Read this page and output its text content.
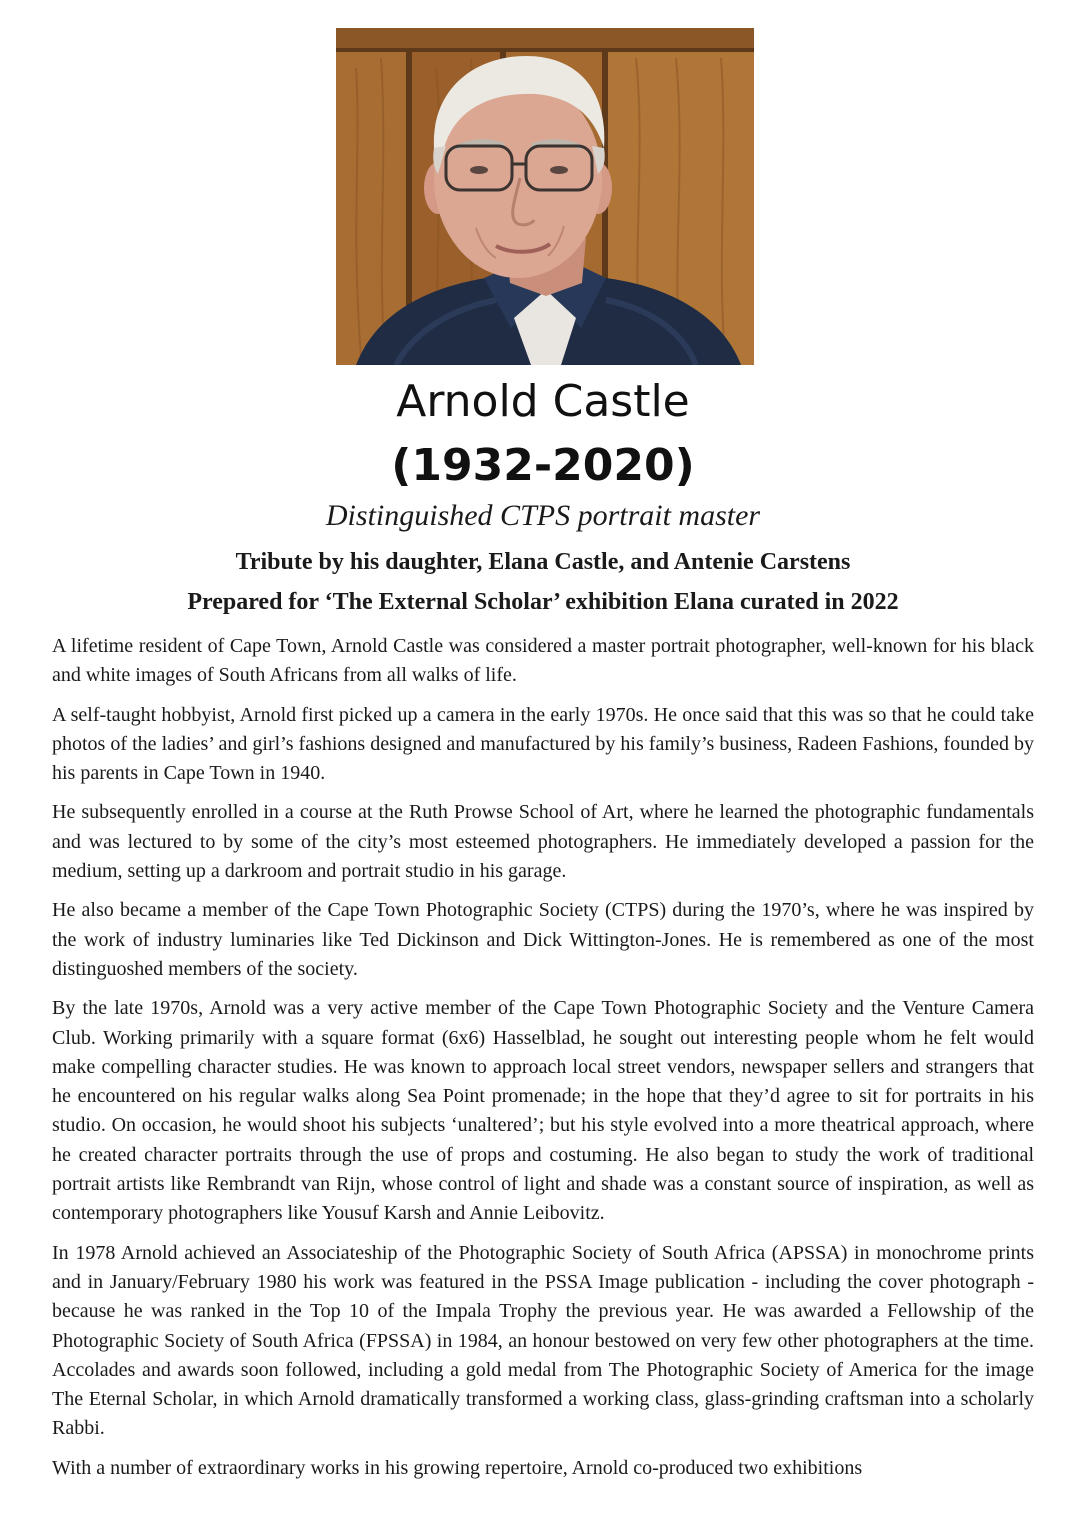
Arnold Castle
(1932-2020)

Distinguished CTPS portrait master

Tribute by his daughter, Elana Castle, and Antenie Carstens

Prepared for ‘The External Scholar’ exhibition Elana curated in 2022

A lifetime resident of Cape Town, Arnold Castle was considered a master portrait photographer, well-known for his black and white images of South Africans from all walks of life.

A self-taught hobbyist, Arnold first picked up a camera in the early 1970s. He once said that this was so that he could take photos of the ladies’ and girl’s fashions designed and manufactured by his family’s business, Radeen Fashions, founded by his parents in Cape Town in 1940.

He subsequently enrolled in a course at the Ruth Prowse School of Art, where he learned the photographic fundamentals and was lectured to by some of the city’s most esteemed photographers. He immediately developed a passion for the medium, setting up a darkroom and portrait studio in his garage.

He also became a member of the Cape Town Photographic Society (CTPS) during the 1970’s, where he was inspired by the work of industry luminaries like Ted Dickinson and Dick Wittington-Jones. He is remembered as one of the most distinguoshed members of the society.

By the late 1970s, Arnold was a very active member of the Cape Town Photographic Society and the Venture Camera Club. Working primarily with a square format (6x6) Hasselblad, he sought out interesting people whom he felt would make compelling character studies. He was known to approach local street vendors, newspaper sellers and strangers that he encountered on his regular walks along Sea Point promenade; in the hope that they’d agree to sit for portraits in his studio. On occasion, he would shoot his subjects ‘unaltered’; but his style evolved into a more theatrical approach, where he created character portraits through the use of props and costuming. He also began to study the work of traditional portrait artists like Rembrandt van Rijn, whose control of light and shade was a constant source of inspiration, as well as contemporary photographers like Yousuf Karsh and Annie Leibovitz.

In 1978 Arnold achieved an Associateship of the Photographic Society of South Africa (APSSA) in monochrome prints and in January/February 1980 his work was featured in the PSSA Image publication - including the cover photograph - because he was ranked in the Top 10 of the Impala Trophy the previous year. He was awarded a Fellowship of the Photographic Society of South Africa (FPSSA) in 1984, an honour bestowed on very few other photographers at the time. Accolades and awards soon followed, including a gold medal from The Photographic Society of America for the image The Eternal Scholar, in which Arnold dramatically transformed a working class, glass-grinding craftsman into a scholarly Rabbi.

With a number of extraordinary works in his growing repertoire, Arnold co-produced two exhibitions
